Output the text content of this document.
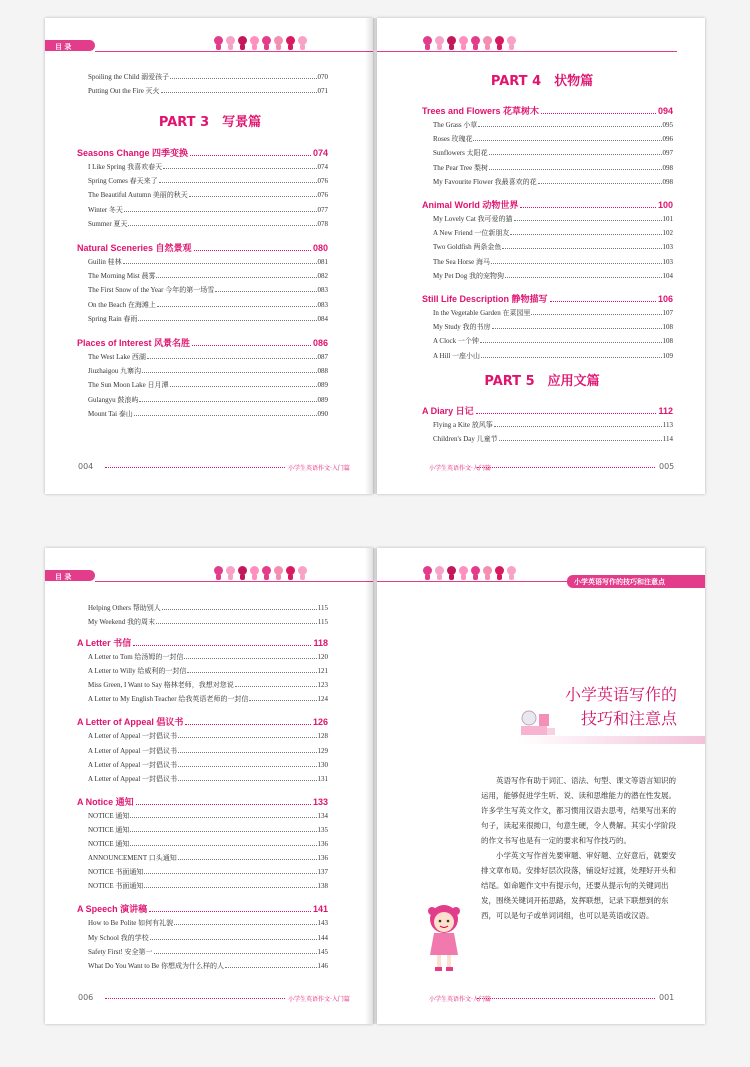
目 录
Spoiling the Child 溺爱孩子	070
Putting Out the Fire 灭火	071
PART 3　写景篇
Seasons Change 四季变换	074
I Like Spring 我喜欢春天	074
Spring Comes 春天来了	076
The Beautiful Autumn 美丽的秋天	076
Winter 冬天	077
Summer 夏天	078
Natural Sceneries 自然景观	080
Guilin 桂林	081
The Morning Mist 晨雾	082
The First Snow of the Year 今年的第一场雪	083
On the Beach 在海滩上	083
Spring Rain 春雨	084
Places of Interest 风景名胜	086
The West Lake 西湖	087
Jiuzhaigou 九寨沟	088
The Sun Moon Lake 日月潭	089
Gulangyu 鼓浪屿	089
Mount Tai 泰山	090
004	小学生英语作文·入门篇
PART 4　状物篇
Trees and Flowers 花草树木	094
The Grass 小草	095
Roses 玫瑰花	096
Sunflowers 太阳花	097
The Pear Tree 梨树	098
My Favourite Flower 我最喜欢的花	098
Animal World 动物世界	100
My Lovely Cat 我可爱的猫	101
A New Friend 一位新朋友	102
Two Goldfish 两条金鱼	103
The Sea Horse 海马	103
My Pet Dog 我的宠物狗	104
Still Life Description 静物描写	106
In the Vegetable Garden 在菜园里	107
My Study 我的书房	108
A Clock 一个钟	108
A Hill 一座小山	109
PART 5　应用文篇
A Diary 日记	112
Flying a Kite 放风筝	113
Children's Day 儿童节	114
小学生英语作文·入门篇	005
目 录
Helping Others 帮助别人	115
My Weekend 我的周末	115
A Letter 书信	118
A Letter to Tom 给汤姆的一封信	120
A Letter to Willy 给威利的一封信	121
Miss Green, I Want to Say 格林老师，我想对您说	123
A Letter to My English Teacher 给我英语老师的一封信	124
A Letter of Appeal 倡议书	126
A Letter of Appeal 一封倡议书	128
A Letter of Appeal 一封倡议书	129
A Letter of Appeal 一封倡议书	130
A Letter of Appeal 一封倡议书	131
A Notice 通知	133
NOTICE 通知	134
NOTICE 通知	135
NOTICE 通知	136
ANNOUNCEMENT 口头通知	136
NOTICE 书面通知	137
NOTICE 书面通知	138
A Speech 演讲稿	141
How to Be Polite 如何有礼貌	143
My School 我的学校	144
Safety First! 安全第一	145
What Do You Want to Be 你想成为什么样的人	146
006	小学生英语作文·入门篇
小学英语写作的技巧和注意点
小学英语写作的
技巧和注意点

英语写作有助于词汇、语法、句型、课文等语言知识的运用，能够促进学生听、说、读和思维能力的潜在性发展。许多学生写英文作文，都习惯用汉语去思考，结果写出来的句子，读起来很拗口，句意生硬，令人费解。其实小学阶段的作文书写也是有一定的要求和写作技巧的。

小学英文写作首先要审题、审好题、立好意后，就要安排文章布局。安排好层次段落，铺设好过渡，处理好开头和结尾。如命题作文中有提示句，还要从提示句的关键词出发，围绕关键词开拓思路，发挥联想，记录下联想到的东西，可以是句子或单词词组，也可以是英语或汉语。

小学生英语作文·入门篇	001
